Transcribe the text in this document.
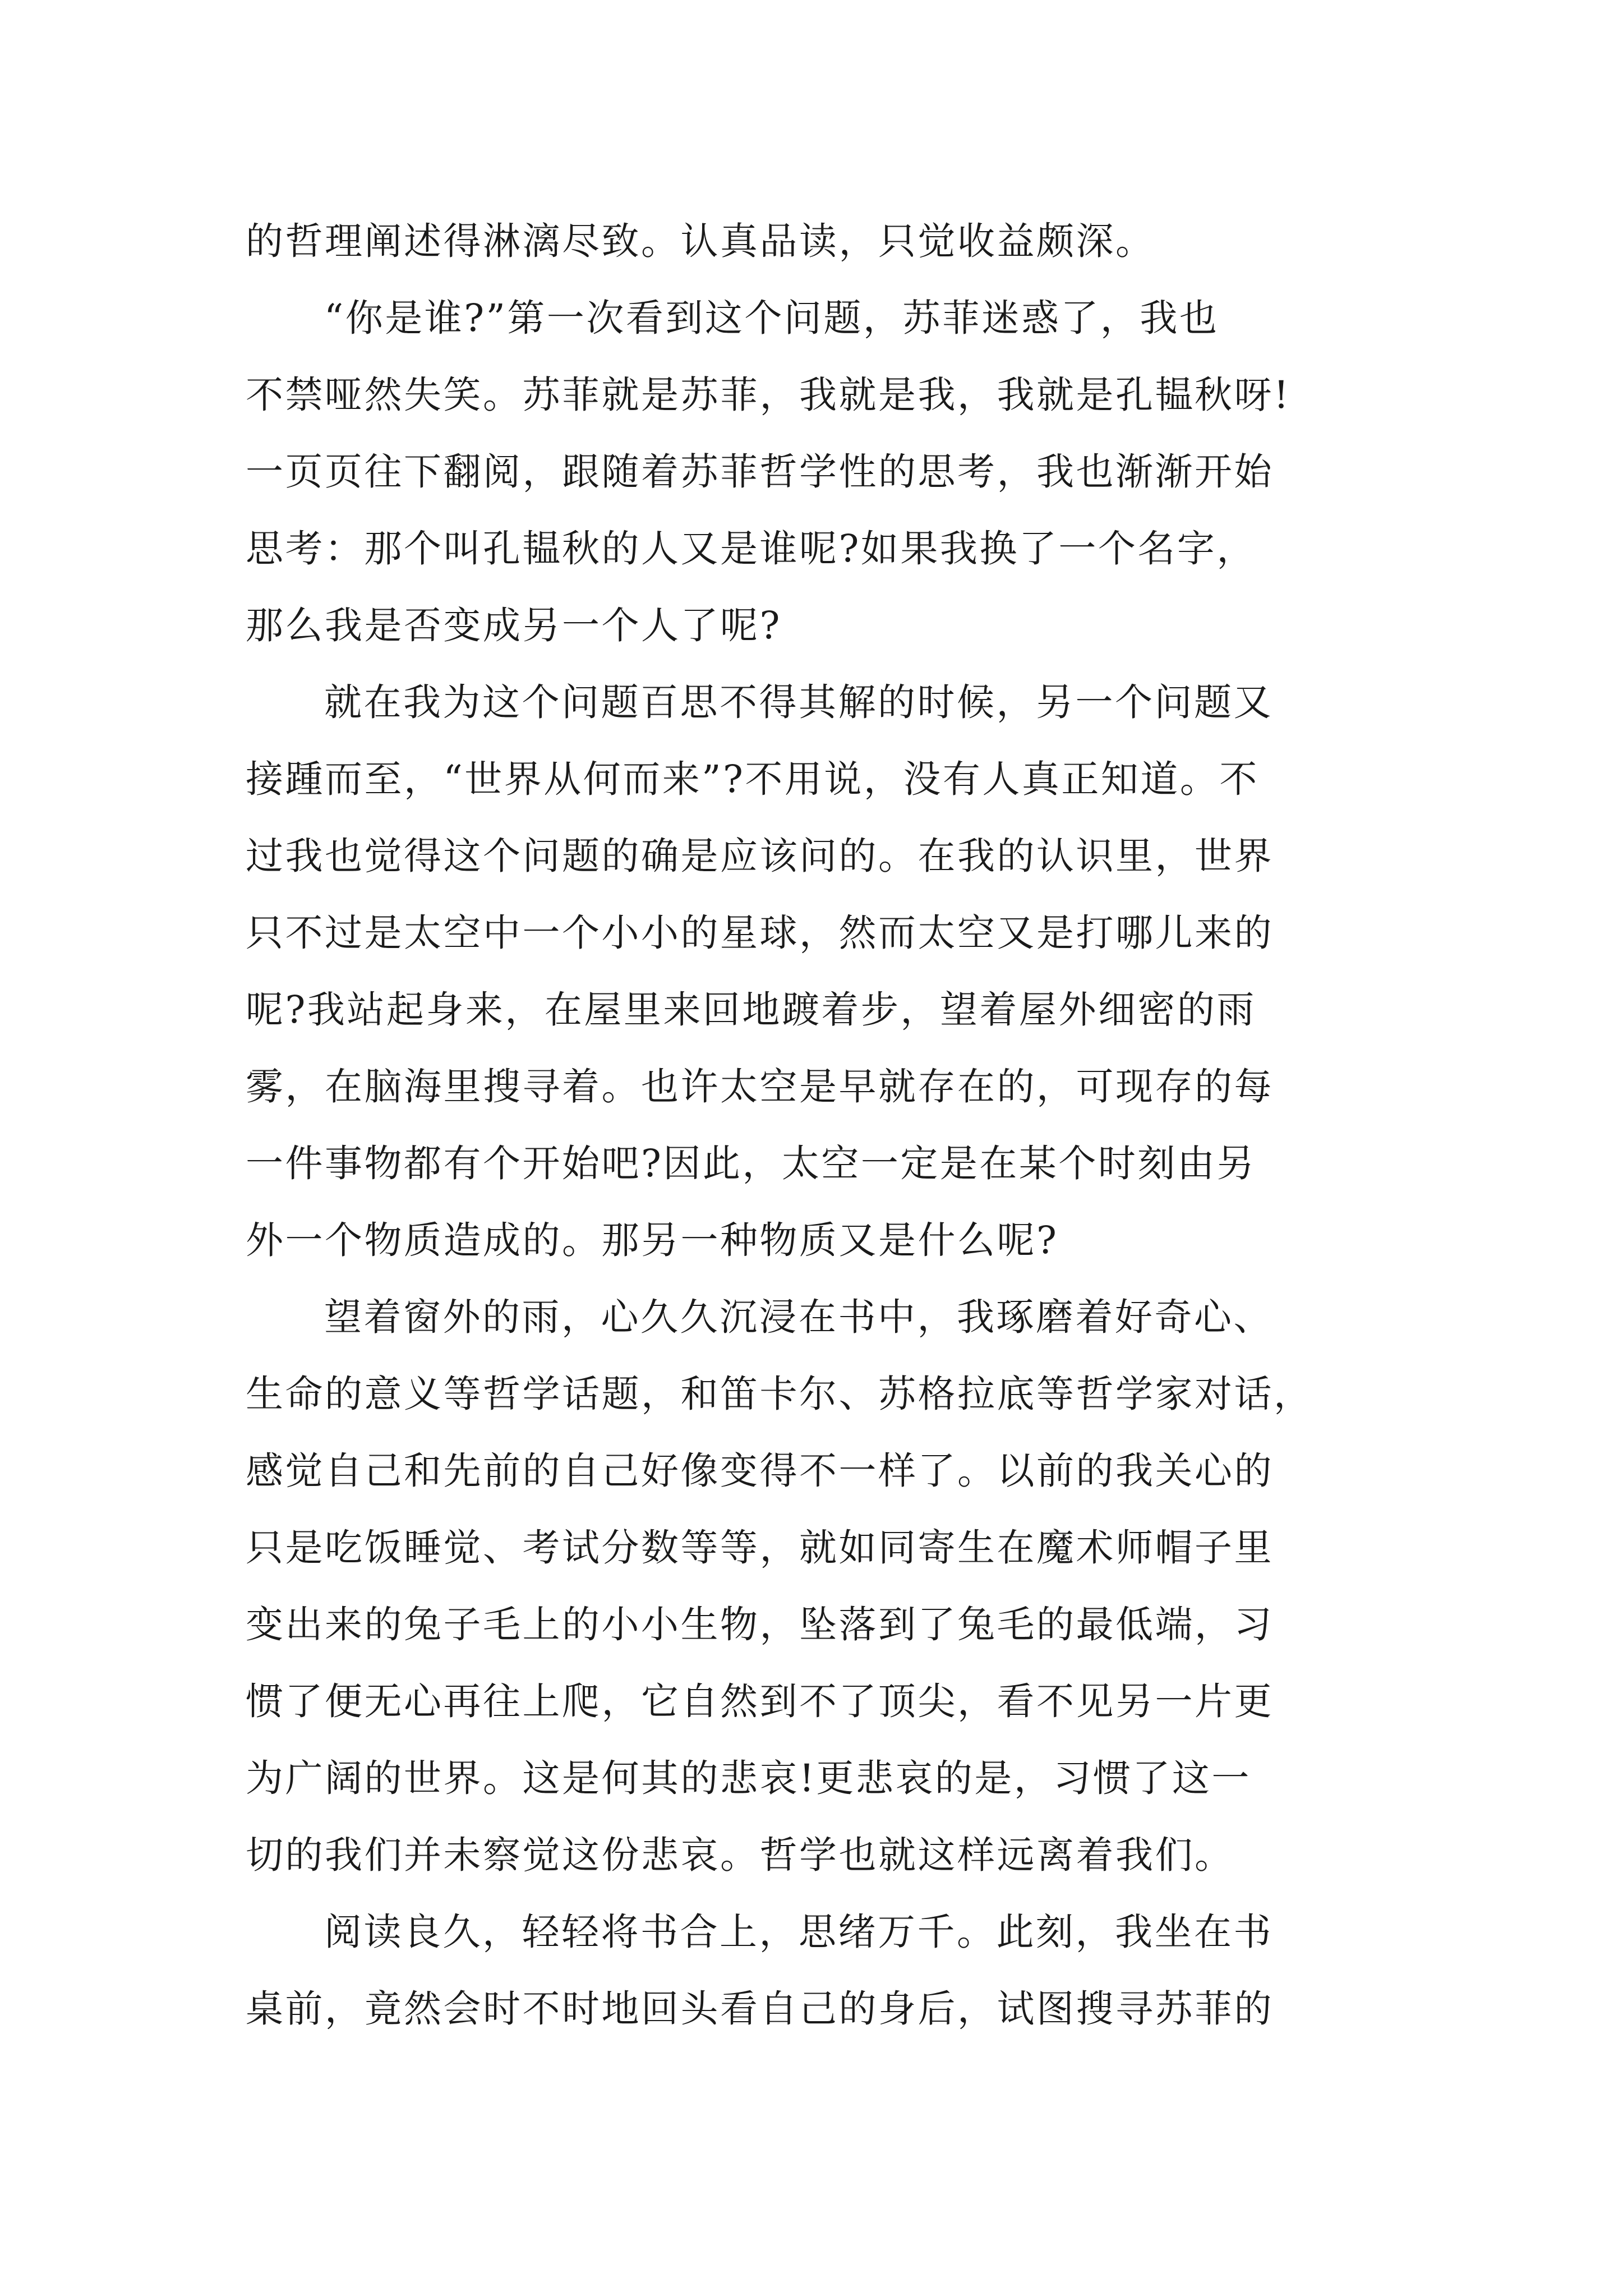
的哲理阐述得淋漓尽致。认真品读，只觉收益颇深。
“你是谁?”第一次看到这个问题，苏菲迷惑了，我也
不禁哑然失笑。苏菲就是苏菲，我就是我，我就是孔韫秋呀!
一页页往下翻阅，跟随着苏菲哲学性的思考，我也渐渐开始
思考：那个叫孔韫秋的人又是谁呢?如果我换了一个名字，
那么我是否变成另一个人了呢?
就在我为这个问题百思不得其解的时候，另一个问题又
接踵而至，“世界从何而来”?不用说，没有人真正知道。不
过我也觉得这个问题的确是应该问的。在我的认识里，世界
只不过是太空中一个小小的星球，然而太空又是打哪儿来的
呢?我站起身来，在屋里来回地踱着步，望着屋外细密的雨
雾，在脑海里搜寻着。也许太空是早就存在的，可现存的每
一件事物都有个开始吧?因此，太空一定是在某个时刻由另
外一个物质造成的。那另一种物质又是什么呢?
望着窗外的雨，心久久沉浸在书中，我琢磨着好奇心、
生命的意义等哲学话题，和笛卡尔、苏格拉底等哲学家对话，
感觉自己和先前的自己好像变得不一样了。以前的我关心的
只是吃饭睡觉、考试分数等等，就如同寄生在魔术师帽子里
变出来的兔子毛上的小小生物，坠落到了兔毛的最低端，习
惯了便无心再往上爬，它自然到不了顶尖，看不见另一片更
为广阔的世界。这是何其的悲哀!更悲哀的是，习惯了这一
切的我们并未察觉这份悲哀。哲学也就这样远离着我们。
阅读良久，轻轻将书合上，思绪万千。此刻，我坐在书
桌前，竟然会时不时地回头看自己的身后，试图搜寻苏菲的
